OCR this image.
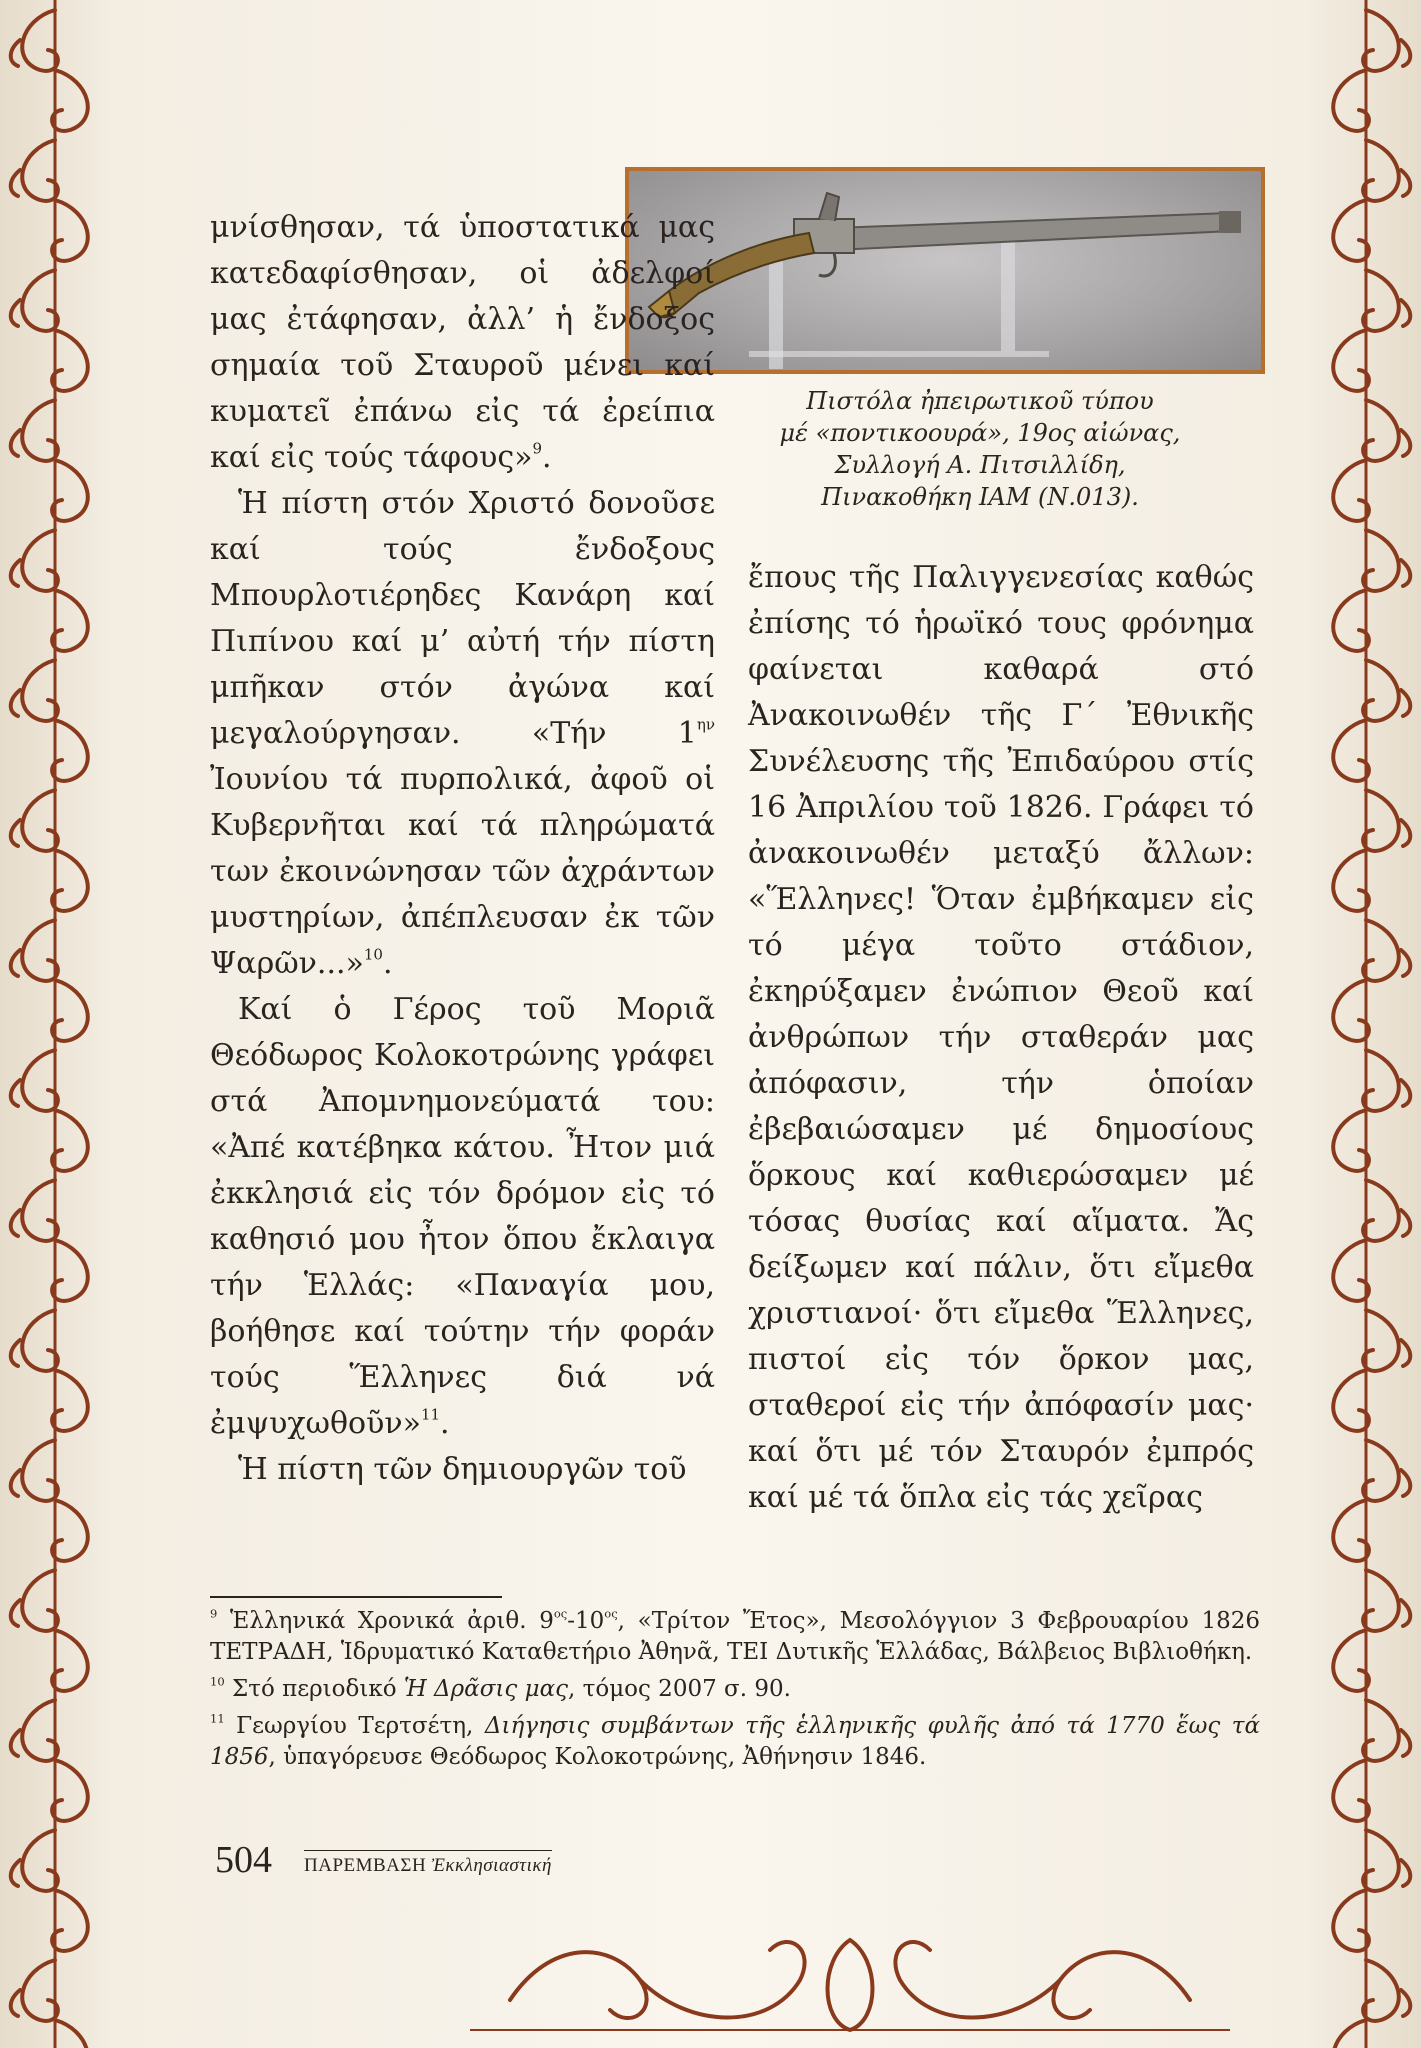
Πιστόλα ἠπειρωτικοῦ τύπου
μέ «ποντικοουρά», 19ος αἰώνας,
Συλλογή Α. Πιτσιλλίδη,
Πινακοθήκη ΙΑΜ (Ν.013).

μνίσθησαν, τά ὑποστατικά μας κατεδαφίσθησαν, οἱ ἀδελφοί μας ἐτάφησαν, ἀλλ’ ἡ ἔνδοξος σημαία τοῦ Σταυροῦ μένει καί κυματεῖ ἐπάνω εἰς τά ἐρείπια καί εἰς τούς τάφους»$^9$.

Ἡ πίστη στόν Χριστό δονοῦσε καί τούς ἔνδοξους Μπουρλοτιέρηδες Κανάρη καί Πιπίνου καί μ’ αὐτή τήν πίστη μπῆκαν στόν ἀγώνα καί μεγαλούργησαν. «Τήν $1^{\eta\nu}$ Ἰουνίου τά πυρπολικά, ἀφοῦ οἱ Κυβερνῆται καί τά πληρώματά των ἐκοινώνησαν τῶν ἀχράντων μυστηρίων, ἀπέπλευσαν ἐκ τῶν Ψαρῶν...»$^{10}$.

Καί ὁ Γέρος τοῦ Μοριᾶ Θεόδωρος Κολοκοτρώνης γράφει στά Ἀπομνημονεύματά του: «Ἀπέ κατέβηκα κάτου. Ἦτον μιά ἐκκλησιά εἰς τόν δρόμον εἰς τό καθησιό μου ἦτον ὅπου ἔκλαιγα τήν Ἑλλάς: «Παναγία μου, βοήθησε καί τούτην τήν φοράν τούς Ἕλληνες διά νά ἐμψυχωθοῦν»$^{11}$.

Ἡ πίστη τῶν δημιουργῶν τοῦ

ἔπους τῆς Παλιγγενεσίας καθώς ἐπίσης τό ἡρωϊκό τους φρόνημα φαίνεται καθαρά στό Ἀνακοινωθέν τῆς Γ΄ Ἐθνικῆς Συνέλευσης τῆς Ἐπιδαύρου στίς 16 Ἀπριλίου τοῦ 1826. Γράφει τό ἀνακοινωθέν μεταξύ ἄλλων: «Ἕλληνες! Ὅταν ἐμβήκαμεν εἰς τό μέγα τοῦτο στάδιον, ἐκηρύξαμεν ἐνώπιον Θεοῦ καί ἀνθρώπων τήν σταθεράν μας ἀπόφασιν, τήν ὁποίαν ἐβεβαιώσαμεν μέ δημοσίους ὅρκους καί καθιερώσαμεν μέ τόσας θυσίας καί αἵματα. Ἄς δείξωμεν καί πάλιν, ὅτι εἴμεθα χριστιανοί· ὅτι εἴμεθα Ἕλληνες, πιστοί εἰς τόν ὅρκον μας, σταθεροί εἰς τήν ἀπόφασίν μας· καί ὅτι μέ τόν Σταυρόν ἐμπρός καί μέ τά ὅπλα εἰς τάς χεῖρας

$^9$ Ἑλληνικά Χρονικά ἀριθ. $9^{o\varsigma}-10^{o\varsigma}$, «Τρίτον Ἔτος», Μεσολόγγιον 3 Φεβρουαρίου 1826 ΤΕΤΡΑΔΗ, Ἱδρυματικό Καταθετήριο Ἀθηνᾶ, ΤΕΙ Δυτικῆς Ἑλλάδας, Βάλβειος Βιβλιοθήκη.

$^{10}$ Στό περιοδικό Ἡ Δρᾶσις μας, τόμος 2007 σ. 90.

$^{11}$ Γεωργίου Τερτσέτη, Διήγησις συμβάντων τῆς ἑλληνικῆς φυλῆς ἀπό τά 1770 ἕως τά 1856, ὑπαγόρευσε Θεόδωρος Κολοκοτρώνης, Ἀθήνησιν 1846.

504 ΠΑΡΕΜΒΑΣΗ Ἐκκλησιαστική
